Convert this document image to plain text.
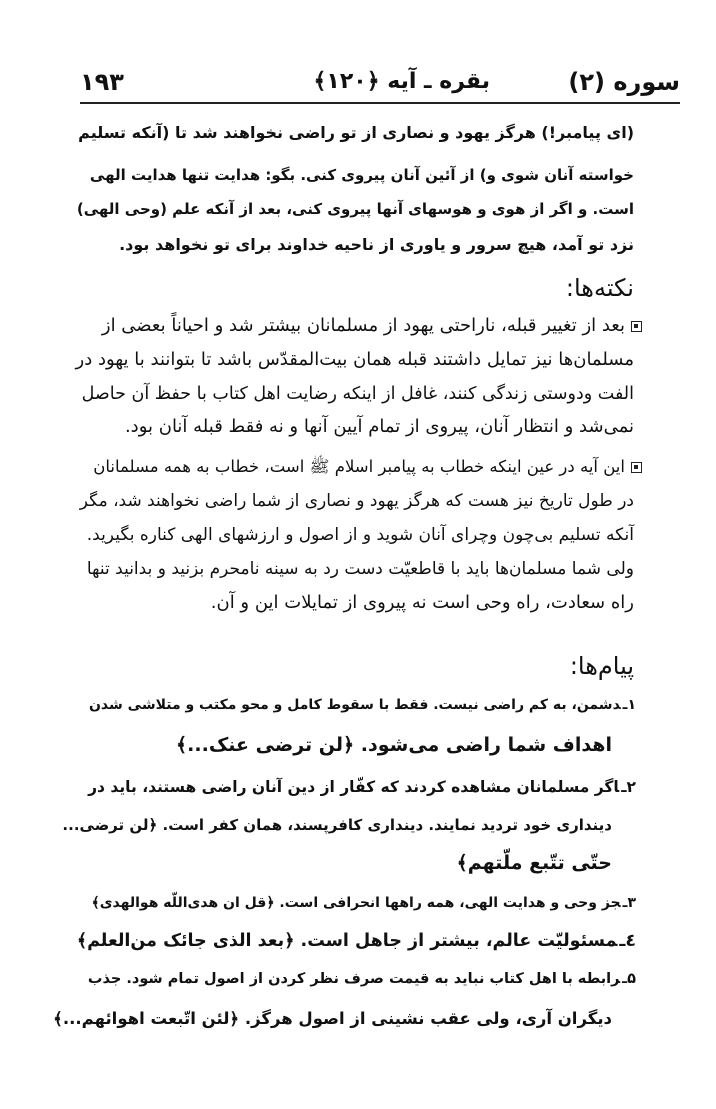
سوره (۲)
بقره ـ آیه ﴿۱۲۰﴾
۱۹۳
(ای پیامبر!) هرگز یهود و نصاری از تو راضی نخواهند شد تا (آنکه تسلیم
خواسته آنان شوی و) از آئین آنان پیروی کنی. بگو: هدایت تنها هدایت الهی
است. و اگر از هوی و هوسهای آنها پیروی کنی، بعد از آنکه علم (وحی الهی)
نزد تو آمد، هیچ سرور و یاوری از ناحیه خداوند برای تو نخواهد بود.
نکته‌ها:
بعد از تغییر قبله، ناراحتی یهود از مسلمانان بیشتر شد و احیاناً بعضی از
مسلمان‌ها نیز تمایل داشتند قبله همان بیت‌المقدّس باشد تا بتوانند با یهود در
الفت ودوستی زندگی کنند، غافل از اینکه رضایت اهل کتاب با حفظ آن حاصل
نمی‌شد و انتظار آنان، پیروی از تمام آیین آنها و نه فقط قبله آنان بود.
این آیه در عین اینکه خطاب به پیامبر اسلام ﷺ است، خطاب به همه مسلمانان
در طول تاریخ نیز هست که هرگز یهود و نصاری از شما راضی نخواهند شد، مگر
آنکه تسلیم بی‌چون وچرای آنان شوید و از اصول و ارزشهای الهی کناره بگیرید.
ولی شما مسلمان‌ها باید با قاطعیّت دست رد به سینه نامحرم بزنید و بدانید تنها
راه سعادت، راه وحی است نه پیروی از تمایلات این و آن.
پیام‌ها:
۱ـدشمن، به کم راضی نیست. فقط با سقوط کامل و محو مکتب و متلاشی شدن
اهداف شما راضی می‌شود. ﴿لن ترضی عنک...﴾
۲ـاگر مسلمانان مشاهده کردند که کفّار از دین آنان راضی هستند، باید در
دینداری خود تردید نمایند. دینداری کافرپسند، همان کفر است. ﴿لن ترضی...
حتّی تتّبع ملّتهم﴾
۳ـجز وحی و هدایت الهی، همه راهها انحرافی است. ﴿قل ان هدی‌اللّه هوالهدی﴾
٤ـمسئولیّت عالم، بیشتر از جاهل است. ﴿بعد الذی جائک من‌العلم﴾
۵ـرابطه با اهل کتاب نباید به قیمت صرف نظر کردن از اصول تمام شود. جذب
دیگران آری، ولی عقب نشینی از اصول هرگز. ﴿لئن اتّبعت اهوائهم...﴾
